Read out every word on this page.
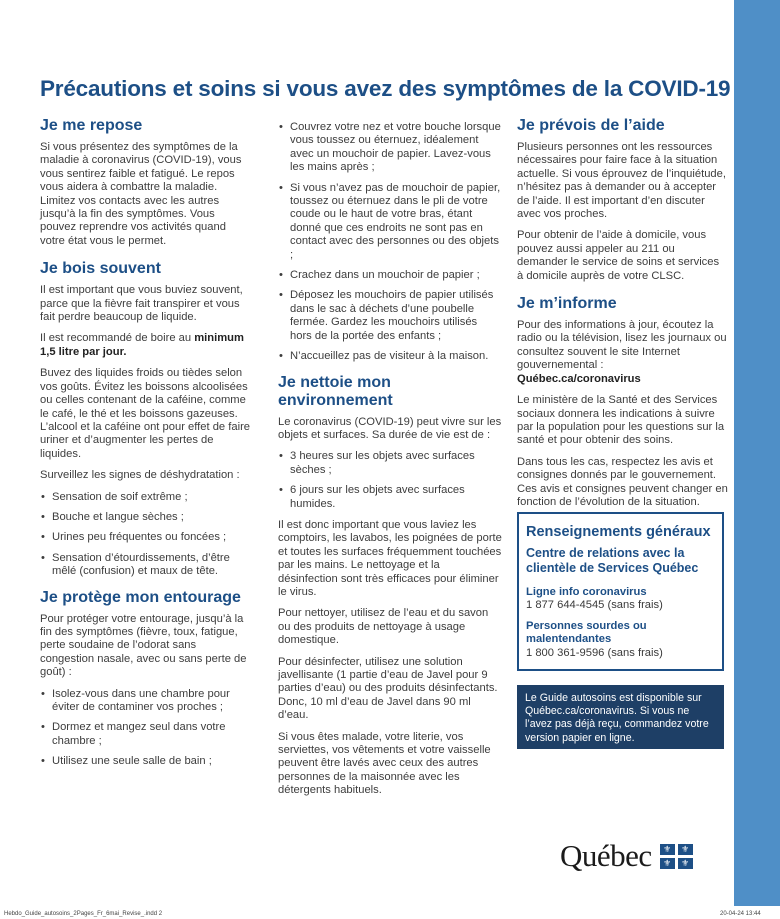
Précautions et soins si vous avez des symptômes de la COVID-19
Je me repose

Si vous présentez des symptômes de la maladie à coronavirus (COVID-19), vous vous sentirez faible et fatigué. Le repos vous aidera à combattre la maladie. Limitez vos contacts avec les autres jusqu’à la fin des symptômes. Vous pouvez reprendre vos activités quand votre état vous le permet.

Je bois souvent

Il est important que vous buviez souvent, parce que la fièvre fait transpirer et vous fait perdre beaucoup de liquide.

Il est recommandé de boire au minimum 1,5 litre par jour.

Buvez des liquides froids ou tièdes selon vos goûts. Évitez les boissons alcoolisées ou celles contenant de la caféine, comme le café, le thé et les boissons gazeuses. L’alcool et la caféine ont pour effet de faire uriner et d’augmenter les pertes de liquides.

Surveillez les signes de déshydratation :

• Sensation de soif extrême ;
• Bouche et langue sèches ;
• Urines peu fréquentes ou foncées ;
• Sensation d’étourdissements, d’être mêlé (confusion) et maux de tête.
Je protège mon entourage

Pour protéger votre entourage, jusqu’à la fin des symptômes (fièvre, toux, fatigue, perte soudaine de l’odorat sans congestion nasale, avec ou sans perte de goût) :

• Isolez-vous dans une chambre pour éviter de contaminer vos proches ;
• Dormez et mangez seul dans votre chambre ;
• Utilisez une seule salle de bain ;
• Couvrez votre nez et votre bouche lorsque vous toussez ou éternuez, idéalement avec un mouchoir de papier. Lavez-vous les mains après ;
• Si vous n’avez pas de mouchoir de papier, toussez ou éternuez dans le pli de votre coude ou le haut de votre bras, étant donné que ces endroits ne sont pas en contact avec des personnes ou des objets ;
• Crachez dans un mouchoir de papier ;
• Déposez les mouchoirs de papier utilisés dans le sac à déchets d’une poubelle fermée. Gardez les mouchoirs utilisés hors de la portée des enfants ;
• N’accueillez pas de visiteur à la maison.
Je nettoie mon environnement

Le coronavirus (COVID-19) peut vivre sur les objets et surfaces. Sa durée de vie est de :

• 3 heures sur les objets avec surfaces sèches ;
• 6 jours sur les objets avec surfaces humides.

Il est donc important que vous laviez les comptoirs, les lavabos, les poignées de porte et toutes les surfaces fréquemment touchées par les mains. Le nettoyage et la désinfection sont très efficaces pour éliminer le virus.

Pour nettoyer, utilisez de l’eau et du savon ou des produits de nettoyage à usage domestique.

Pour désinfecter, utilisez une solution javellisante (1 partie d’eau de Javel pour 9 parties d’eau) ou des produits désinfectants. Donc, 10 ml d’eau de Javel dans 90 ml d’eau.

Si vous êtes malade, votre literie, vos serviettes, vos vêtements et votre vaisselle peuvent être lavés avec ceux des autres personnes de la maisonnée avec les détergents habituels.

Je prévois de l’aide

Plusieurs personnes ont les ressources nécessaires pour faire face à la situation actuelle. Si vous éprouvez de l’inquiétude, n’hésitez pas à demander ou à accepter de l’aide. Il est important d’en discuter avec vos proches.

Pour obtenir de l’aide à domicile, vous pouvez aussi appeler au 211 ou demander le service de soins et services à domicile auprès de votre CLSC.

Je m’informe

Pour des informations à jour, écoutez la radio ou la télévision, lisez les journaux ou consultez souvent le site Internet gouvernemental :
Québec.ca/coronavirus

Le ministère de la Santé et des Services sociaux donnera les indications à suivre par la population pour les questions sur la santé et pour obtenir des soins.

Dans tous les cas, respectez les avis et consignes donnés par le gouvernement. Ces avis et consignes peuvent changer en fonction de l’évolution de la situation.

Renseignements généraux
Centre de relations avec la clientèle de Services Québec
Ligne info coronavirus
1 877 644-4545 (sans frais)
Personnes sourdes ou malentendantes
1 800 361-9596 (sans frais)
Le Guide autosoins est disponible sur Québec.ca/coronavirus. Si vous ne l’avez pas déjà reçu, commandez votre version papier en ligne.
Québec	⚜	⚜
⚜	⚜
Hebdo_Guide_autosoins_2Pages_Fr_6mai_Revise_.indd 2	20-04-24 13:44
